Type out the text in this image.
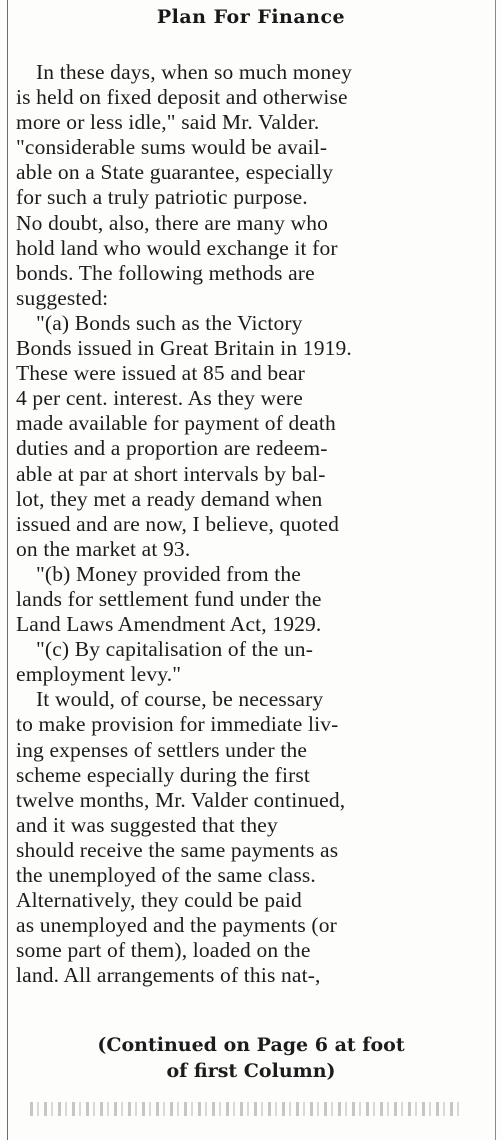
Plan For Finance
In these days, when so much money
is held on fixed deposit and otherwise
more or less idle," said Mr. Valder.
"considerable sums would be avail-
able on a State guarantee, especially
for such a truly patriotic purpose.
No doubt, also, there are many who
hold land who would exchange it for
bonds. The following methods are
suggested:
"(a) Bonds such as the Victory
Bonds issued in Great Britain in 1919.
These were issued at 85 and bear
4 per cent. interest. As they were
made available for payment of death
duties and a proportion are redeem-
able at par at short intervals by bal-
lot, they met a ready demand when
issued and are now, I believe, quoted
on the market at 93.
"(b) Money provided from the
lands for settlement fund under the
Land Laws Amendment Act, 1929.
"(c) By capitalisation of the un-
employment levy."
It would, of course, be necessary
to make provision for immediate liv-
ing expenses of settlers under the
scheme especially during the first
twelve months, Mr. Valder continued,
and it was suggested that they
should receive the same payments as
the unemployed of the same class.
Alternatively, they could be paid
as unemployed and the payments (or
some part of them), loaded on the
land. All arrangements of this nat-,
(Continued on Page 6 at foot
of first Column)
